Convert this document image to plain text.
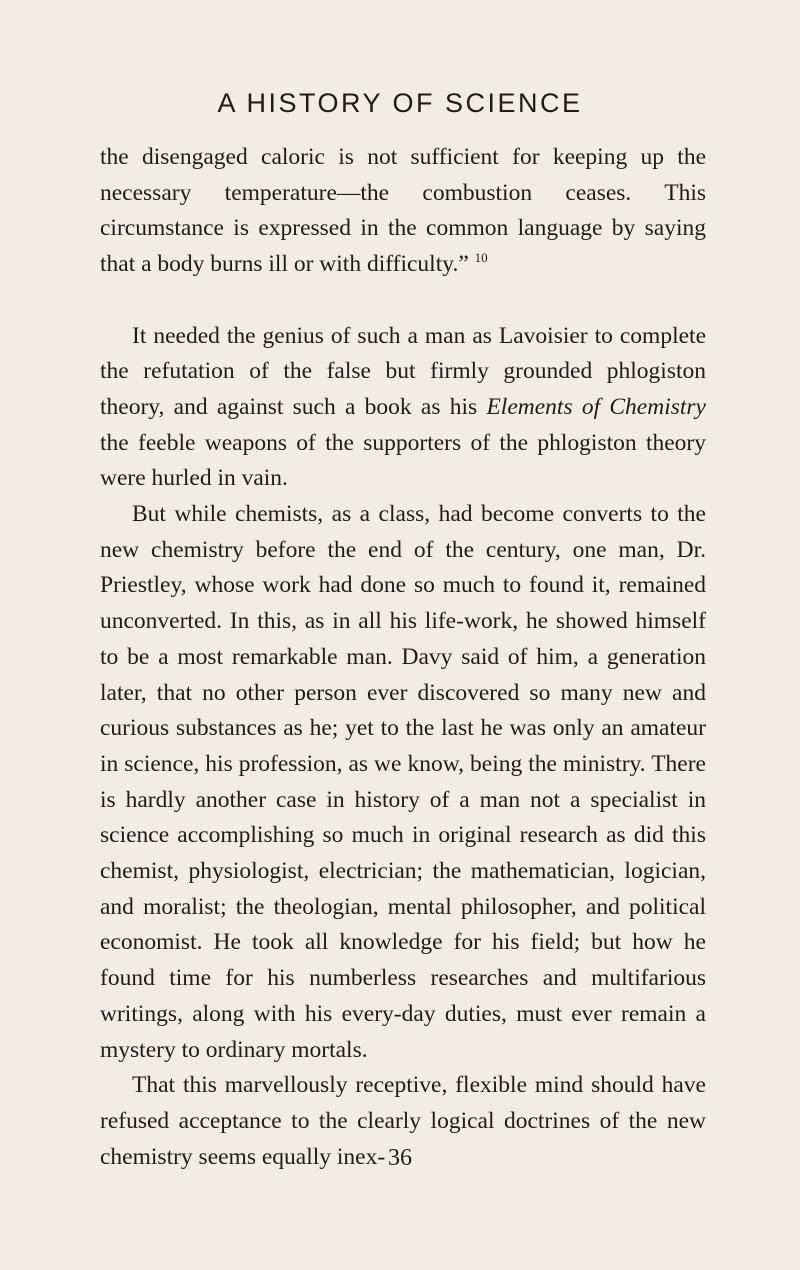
A HISTORY OF SCIENCE

the disengaged caloric is not sufficient for keeping up the necessary temperature—the combustion ceases. This circumstance is expressed in the common language by saying that a body burns ill or with difficulty.” $^{10}$

It needed the genius of such a man as Lavoisier to complete the refutation of the false but firmly grounded phlogiston theory, and against such a book as his Elements of Chemistry the feeble weapons of the supporters of the phlogiston theory were hurled in vain.

But while chemists, as a class, had become converts to the new chemistry before the end of the century, one man, Dr. Priestley, whose work had done so much to found it, remained unconverted. In this, as in all his life-work, he showed himself to be a most remarkable man. Davy said of him, a generation later, that no other person ever discovered so many new and curious substances as he; yet to the last he was only an amateur in science, his profession, as we know, being the ministry. There is hardly another case in history of a man not a specialist in science accomplishing so much in original research as did this chemist, physiologist, electrician; the mathematician, logician, and moralist; the theologian, mental philosopher, and political economist. He took all knowledge for his field; but how he found time for his numberless researches and multifarious writings, along with his every-day duties, must ever remain a mystery to ordinary mortals.

That this marvellously receptive, flexible mind should have refused acceptance to the clearly logical doctrines of the new chemistry seems equally inex- 36
